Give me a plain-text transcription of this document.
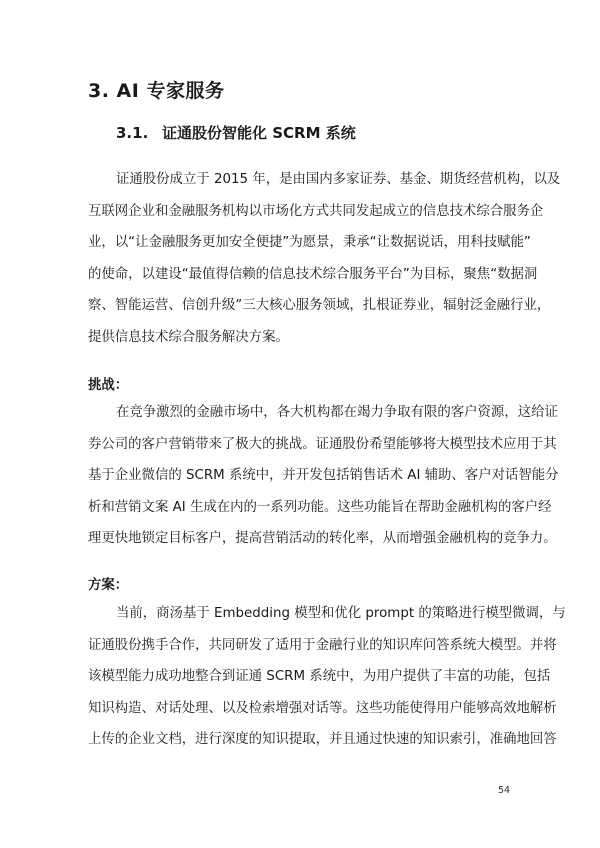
3. AI 专家服务
3.1. 证通股份智能化 SCRM 系统
证通股份成立于 2015 年，是由国内多家证券、基金、期货经营机构，以及
互联网企业和金融服务机构以市场化方式共同发起成立的信息技术综合服务企
业，以“让金融服务更加安全便捷”为愿景，秉承“让数据说话，用科技赋能”
的使命，以建设“最值得信赖的信息技术综合服务平台”为目标，聚焦“数据洞
察、智能运营、信创升级”三大核心服务领域，扎根证券业，辐射泛金融行业，
提供信息技术综合服务解决方案。
挑战：
在竞争激烈的金融市场中，各大机构都在竭力争取有限的客户资源，这给证
券公司的客户营销带来了极大的挑战。证通股份希望能够将大模型技术应用于其
基于企业微信的 SCRM 系统中，并开发包括销售话术 AI 辅助、客户对话智能分
析和营销文案 AI 生成在内的一系列功能。这些功能旨在帮助金融机构的客户经
理更快地锁定目标客户，提高营销活动的转化率，从而增强金融机构的竞争力。
方案：
当前，商汤基于 Embedding 模型和优化 prompt 的策略进行模型微调，与
证通股份携手合作，共同研发了适用于金融行业的知识库问答系统大模型。并将
该模型能力成功地整合到证通 SCRM 系统中，为用户提供了丰富的功能，包括
知识构造、对话处理、以及检索增强对话等。这些功能使得用户能够高效地解析
上传的企业文档，进行深度的知识提取，并且通过快速的知识索引，准确地回答
54
